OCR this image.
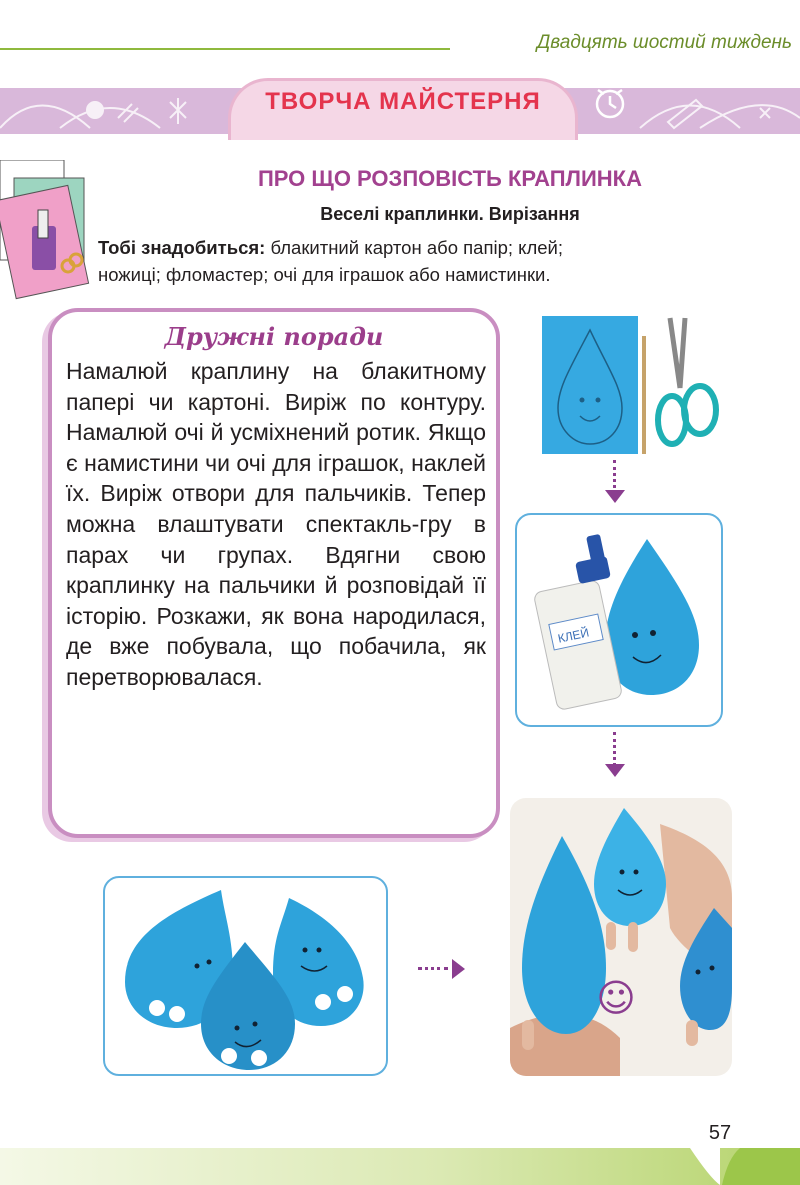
Двадцять шостий тиждень
ТВОРЧА МАЙСТЕРНЯ
ПРО ЩО РОЗПОВІСТЬ КРАПЛИНКА
Веселі краплинки. Вирізання
Тобі знадобиться: блакитний картон або папір; клей;
ножиці; фломастер; очі для іграшок або намистинки.
Дружні поради
Намалюй краплину на блакитному папері чи картоні. Виріж по контуру. Намалюй очі й усміхнений ротик. Якщо є намистини чи очі для іграшок, наклей їх. Виріж отвори для пальчиків. Тепер можна влаштувати спектакль-гру в парах чи групах. Вдягни свою краплинку на пальчики й розповідай її історію. Розкажи, як вона народилася, де вже побувала, що побачила, як перетворювалася.
КЛЕЙ
☺
57
